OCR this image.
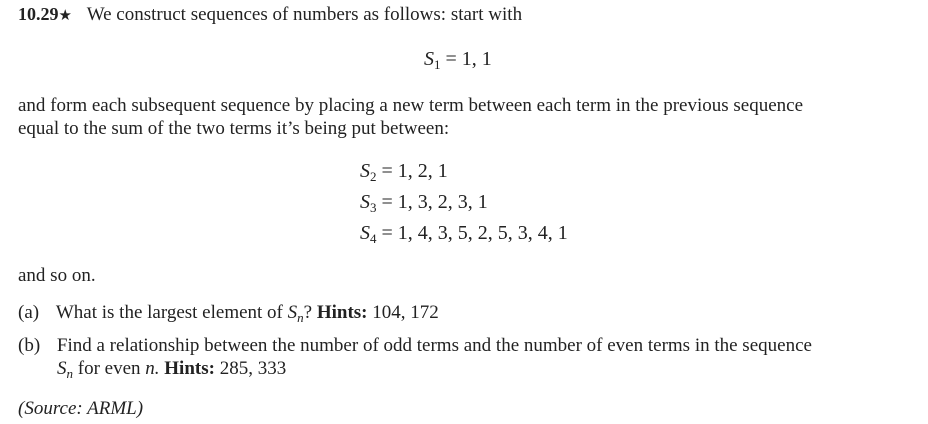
10.29★ We construct sequences of numbers as follows: start with
$S_1 = 1$, 1
and form each subsequent sequence by placing a new term between each term in the previous sequence
equal to the sum of the two terms it’s being put between:
$S_2 = 1$, 2, 1
$S_3 = 1$, 3, 2, 3, 1
$S_4 = 1$, 4, 3, 5, 2, 5, 3, 4, 1
and so on.
(a) What is the largest element of $S_n$? Hints: 104, 172
(b) Find a relationship between the number of odd terms and the number of even terms in the sequence
$S_n$ for even n. Hints: 285, 333
(Source: ARML)
